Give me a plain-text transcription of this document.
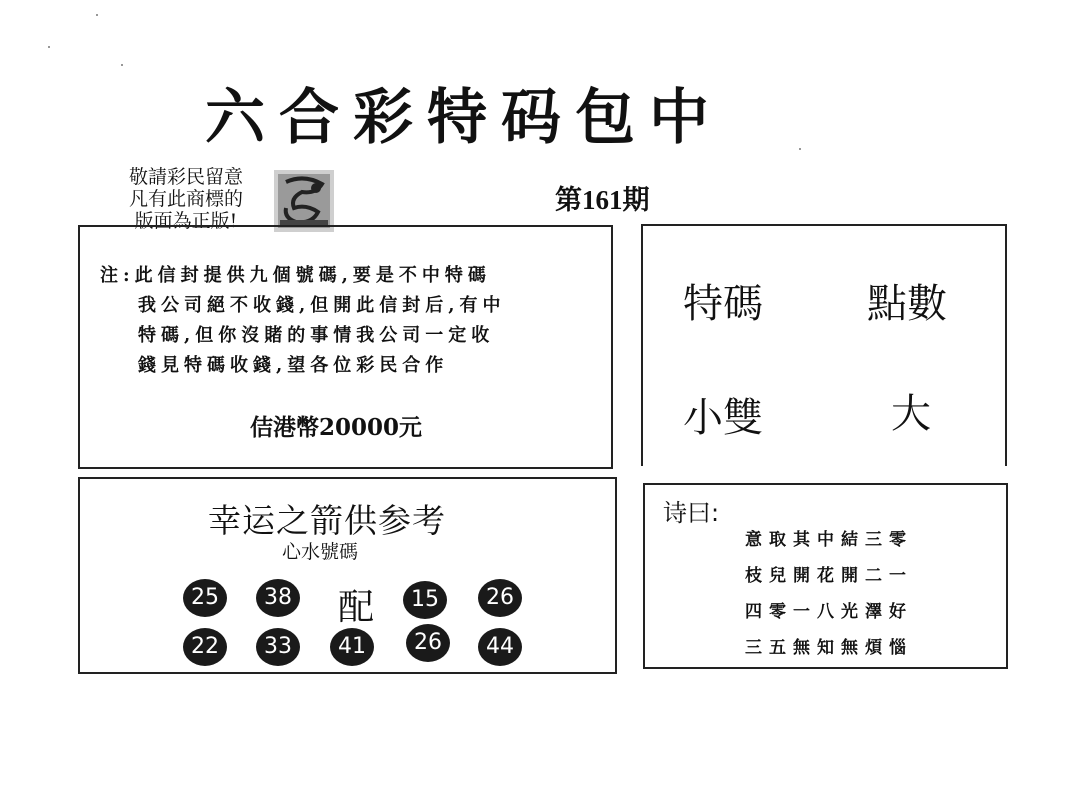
六合彩特码包中
敬請彩民留意
凡有此商標的
版面為正版!
第161期
注:此信封提供九個號碼,要是不中特碼
我公司絕不收錢,但開此信封后,有中
特碼,但你沒賭的事情我公司一定收
錢見特碼收錢,望各位彩民合作
佶港幣20000元
特碼	點數
小雙	大
幸运之箭供参考
心水號碼
25	38 配	15	26
22	33	41	26	44
诗曰:
意取其中結三零
枝兒開花開二一
四零一八光澤好
三五無知無煩惱
